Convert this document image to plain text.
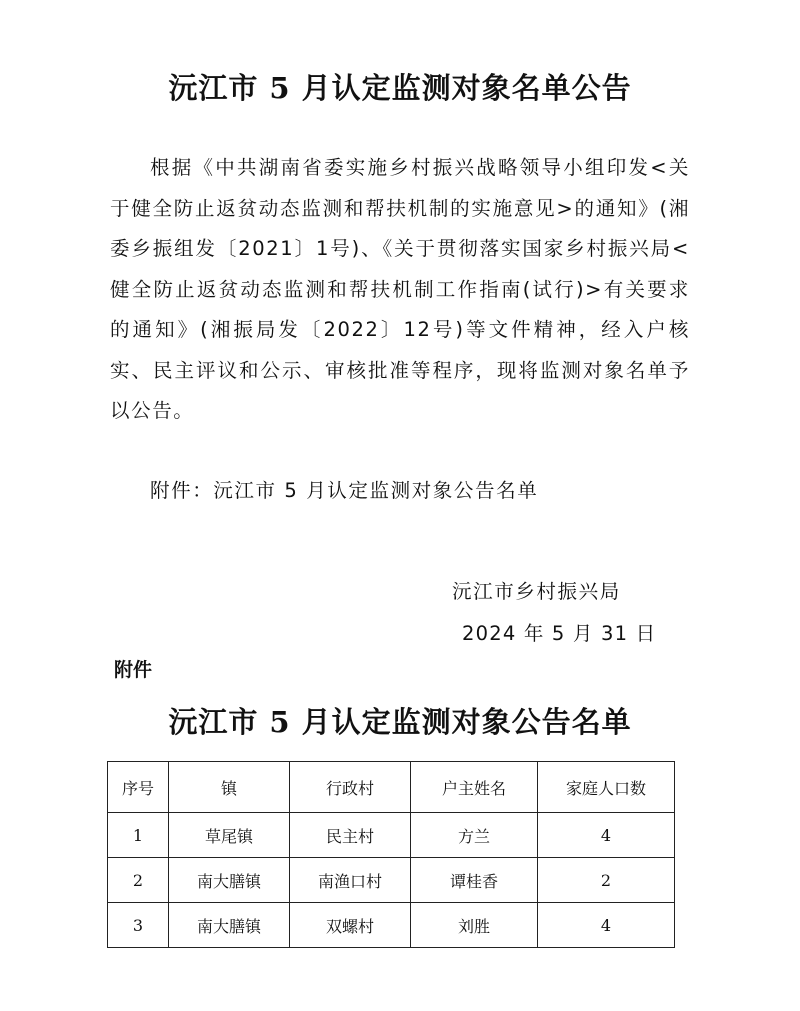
沅江市 5 月认定监测对象名单公告

根据《中共湖南省委实施乡村振兴战略领导小组印发<关于健全防止返贫动态监测和帮扶机制的实施意见>的通知》(湘委乡振组发〔2021〕1号)、《关于贯彻落实国家乡村振兴局<健全防止返贫动态监测和帮扶机制工作指南(试行)>有关要求的通知》(湘振局发〔2022〕12号)等文件精神，经入户核实、民主评议和公示、审核批准等程序，现将监测对象名单予以公告。

附件：沅江市 5 月认定监测对象公告名单

沅江市乡村振兴局
2024 年 5 月 31 日
附件
沅江市 5 月认定监测对象公告名单
序号	镇	行政村	户主姓名	家庭人口数
1	草尾镇	民主村	方兰	4
2	南大膳镇	南渔口村	谭桂香	2
3	南大膳镇	双螺村	刘胜	4
